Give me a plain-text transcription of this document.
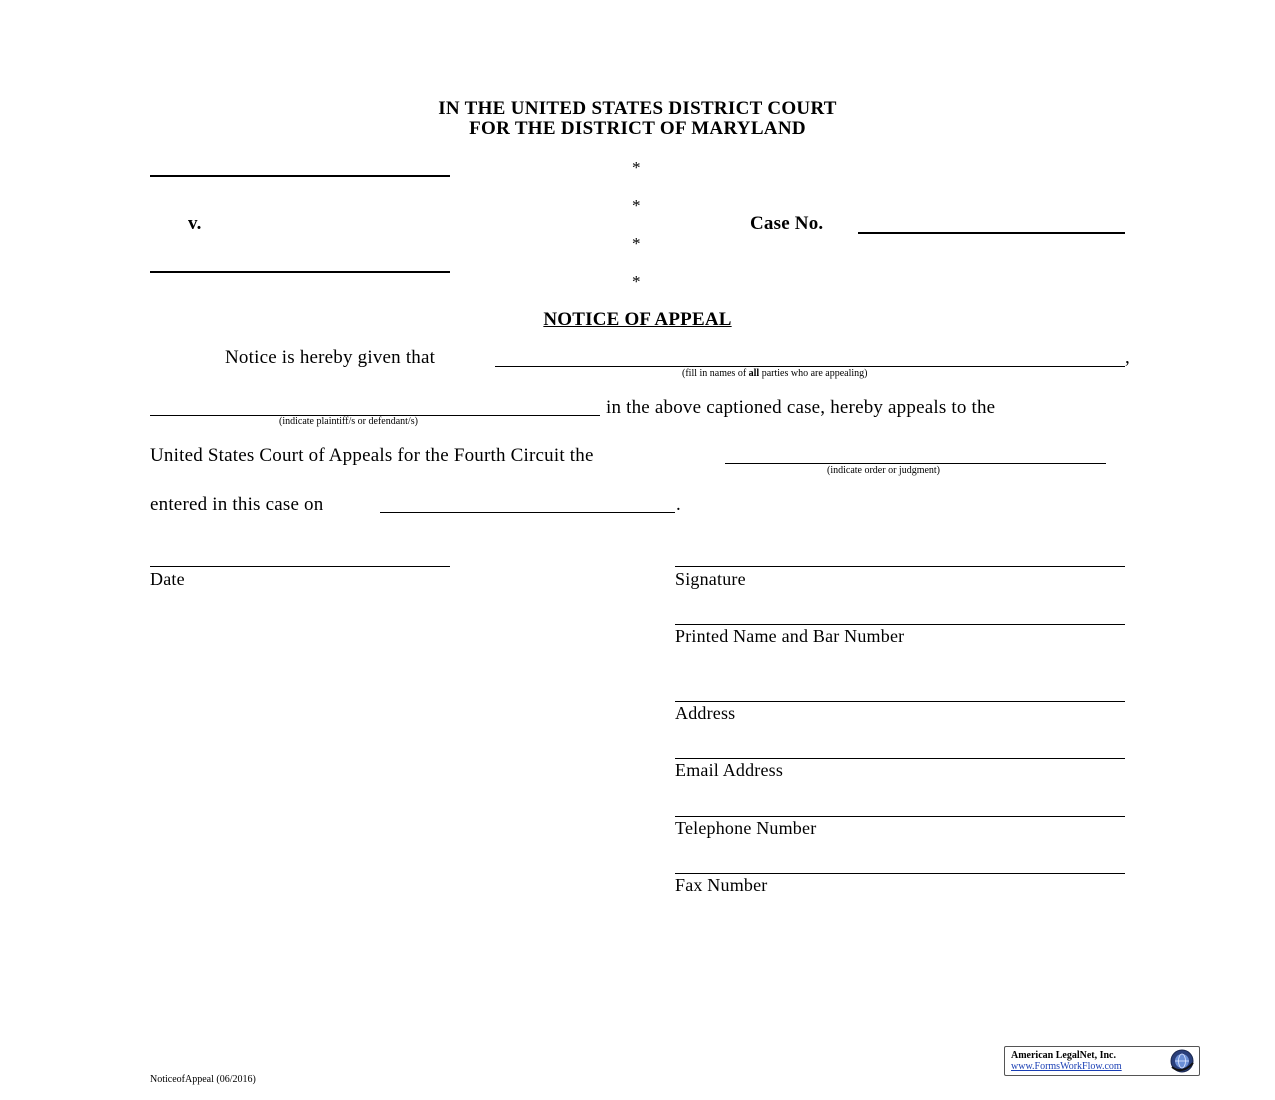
IN THE UNITED STATES DISTRICT COURT
FOR THE DISTRICT OF MARYLAND
v.
*
*
*
*
Case No.
NOTICE OF APPEAL
Notice is hereby given that	,
(fill in names of all parties who are appealing)
in the above captioned case, hereby appeals to the
(indicate plaintiff/s or defendant/s)
United States Court of Appeals for the Fourth Circuit the
(indicate order or judgment)
entered in this case on	.
Date	Signature
Printed Name and Bar Number
Address
Email Address
Telephone Number
Fax Number
NoticeofAppeal (06/2016)
American LegalNet, Inc.
www.FormsWorkFlow.com
